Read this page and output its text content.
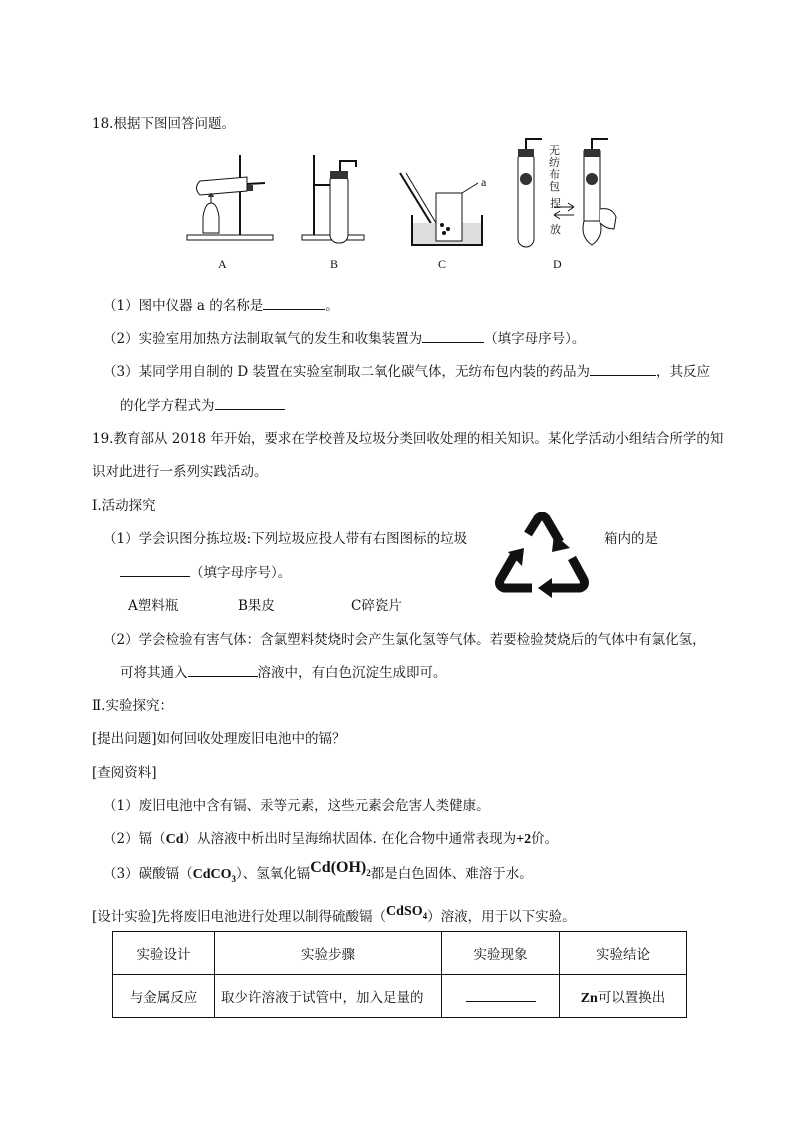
18.根据下图回答问题。
A	B
a
C
无
纺
布
包
捏
放
D
（1）图中仪器 a 的名称是	。
（2）实验室用加热方法制取氧气的发生和收集装置为	（填字母序号）。
（3）某同学用自制的 D 装置在实验室制取二氧化碳气体，无纺布包内装的药品为	，其反应
的化学方程式为
19.教育部从 2018 年开始，要求在学校普及垃圾分类回收处理的相关知识。某化学活动小组结合所学的知
识对此进行一系列实践活动。
I.活动探究
（1）学会识图分拣垃圾:下列垃圾应投人带有右图图标的垃圾	箱内的是
（填字母序号）。
A塑料瓶	B果皮	C碎瓷片
（2）学会检验有害气体：含氯塑料焚烧时会产生氯化氢等气体。若要检验焚烧后的气体中有氯化氢，
可将其通入	溶液中，有白色沉淀生成即可。
Ⅱ.实验探究：
[提出问题]如何回收处理废旧电池中的镉？
[查阅资料]
（1）废旧电池中含有镉、汞等元素，这些元素会危害人类健康。
（2）镉（Cd）从溶液中析出时呈海绵状固体. 在化合物中通常表现为+2价。
（3）碳酸镉（CdCO$_3$）、氢氧化镉$Cd(OH)_2$都是白色固体、难溶于水。
[设计实验]先将废旧电池进行处理以制得硫酸镉（CdSO$_4$）溶液，用于以下实验。
实验设计	实验步骤	实验现象	实验结论
与金属反应	取少许溶液于试管中，加入足量的		Zn可以置换出
